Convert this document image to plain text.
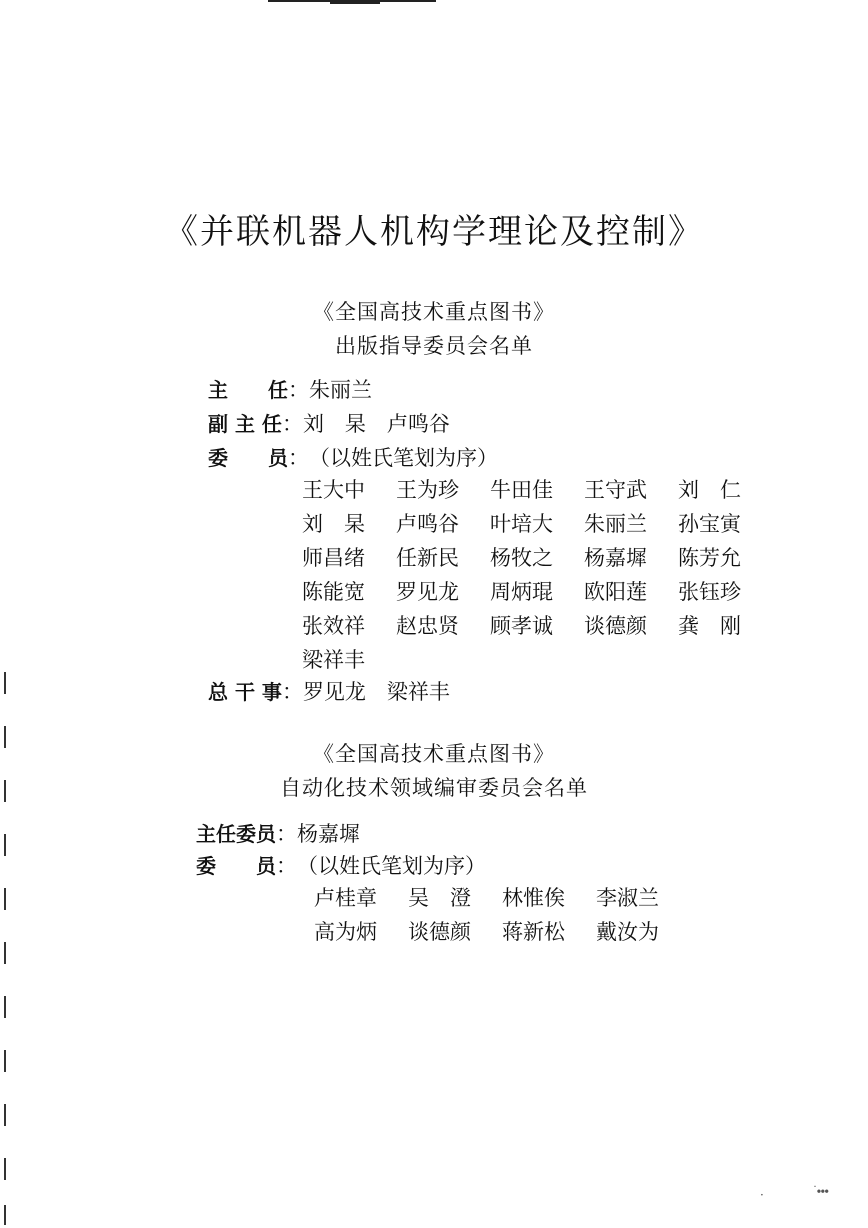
《并联机器人机构学理论及控制》
《全国高技术重点图书》
出版指导委员会名单
主　　任 ： 朱丽兰
副 主 任 ： 刘　杲　卢鸣谷
委　　员 ： （以姓氏笔划为序）
王大中 王为珍 牛田佳 王守武 刘　仁
刘　杲 卢鸣谷 叶培大 朱丽兰 孙宝寅
师昌绪 任新民 杨牧之 杨嘉墀 陈芳允
陈能宽 罗见龙 周炳琨 欧阳莲 张钰珍
张效祥 赵忠贤 顾孝诚 谈德颜 龚　刚
梁祥丰
总 干 事 ： 罗见龙　梁祥丰
《全国高技术重点图书》
自动化技术领域编审委员会名单
主任委员 ： 杨嘉墀
委　　员 ： （以姓氏笔划为序）
卢桂章 吴　澄 林惟俟 李淑兰
高为炳 谈德颜 蒋新松 戴汝为
·	˙∙∙∙
